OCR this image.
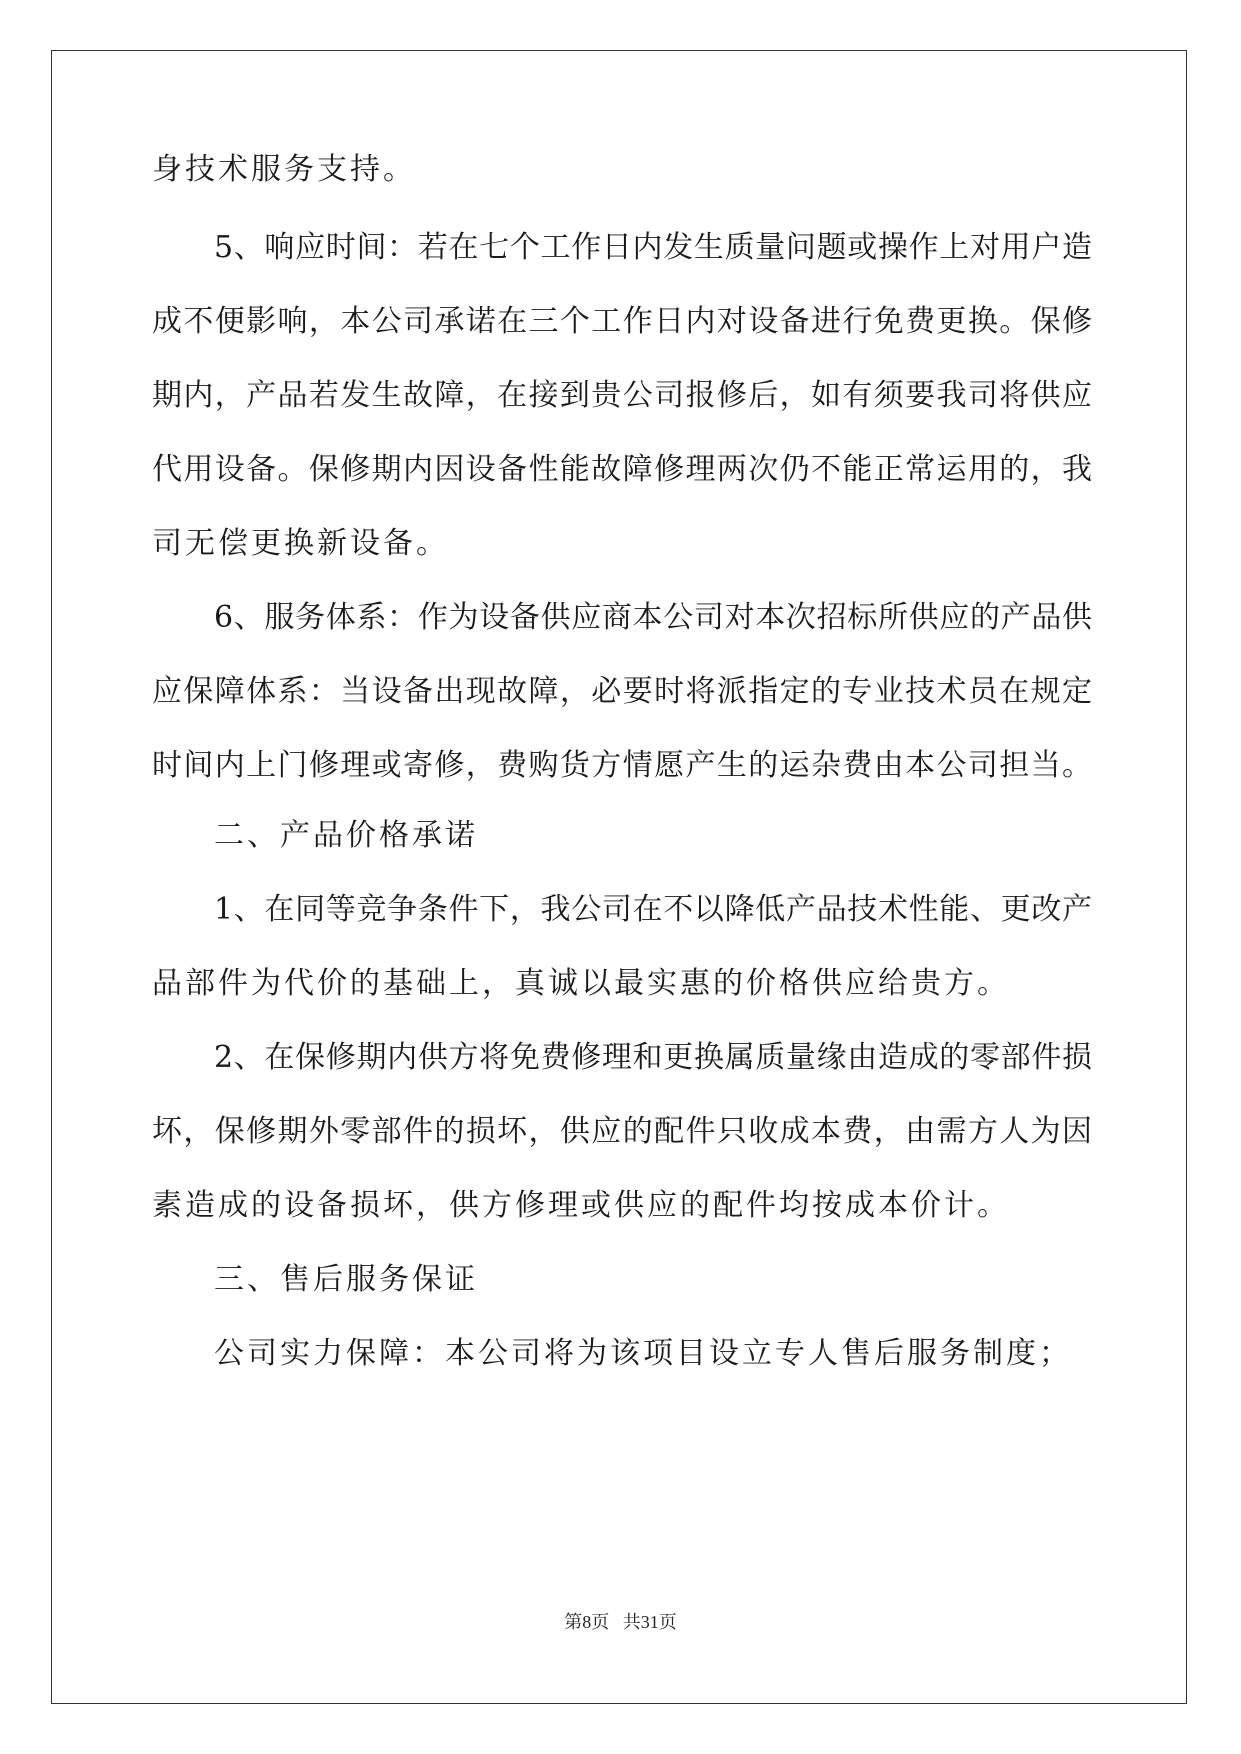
身技术服务支持。
5、响应时间：若在七个工作日内发生质量问题或操作上对用户造
成不便影响，本公司承诺在三个工作日内对设备进行免费更换。保修
期内，产品若发生故障，在接到贵公司报修后，如有须要我司将供应
代用设备。保修期内因设备性能故障修理两次仍不能正常运用的，我
司无偿更换新设备。
6、服务体系：作为设备供应商本公司对本次招标所供应的产品供
应保障体系：当设备出现故障，必要时将派指定的专业技术员在规定
时间内上门修理或寄修，费购货方情愿产生的运杂费由本公司担当。
二、产品价格承诺
1、在同等竞争条件下，我公司在不以降低产品技术性能、更改产
品部件为代价的基础上，真诚以最实惠的价格供应给贵方。
2、在保修期内供方将免费修理和更换属质量缘由造成的零部件损
坏，保修期外零部件的损坏，供应的配件只收成本费，由需方人为因
素造成的设备损坏，供方修理或供应的配件均按成本价计。
三、售后服务保证
公司实力保障：本公司将为该项目设立专人售后服务制度；
第8页   共31页
